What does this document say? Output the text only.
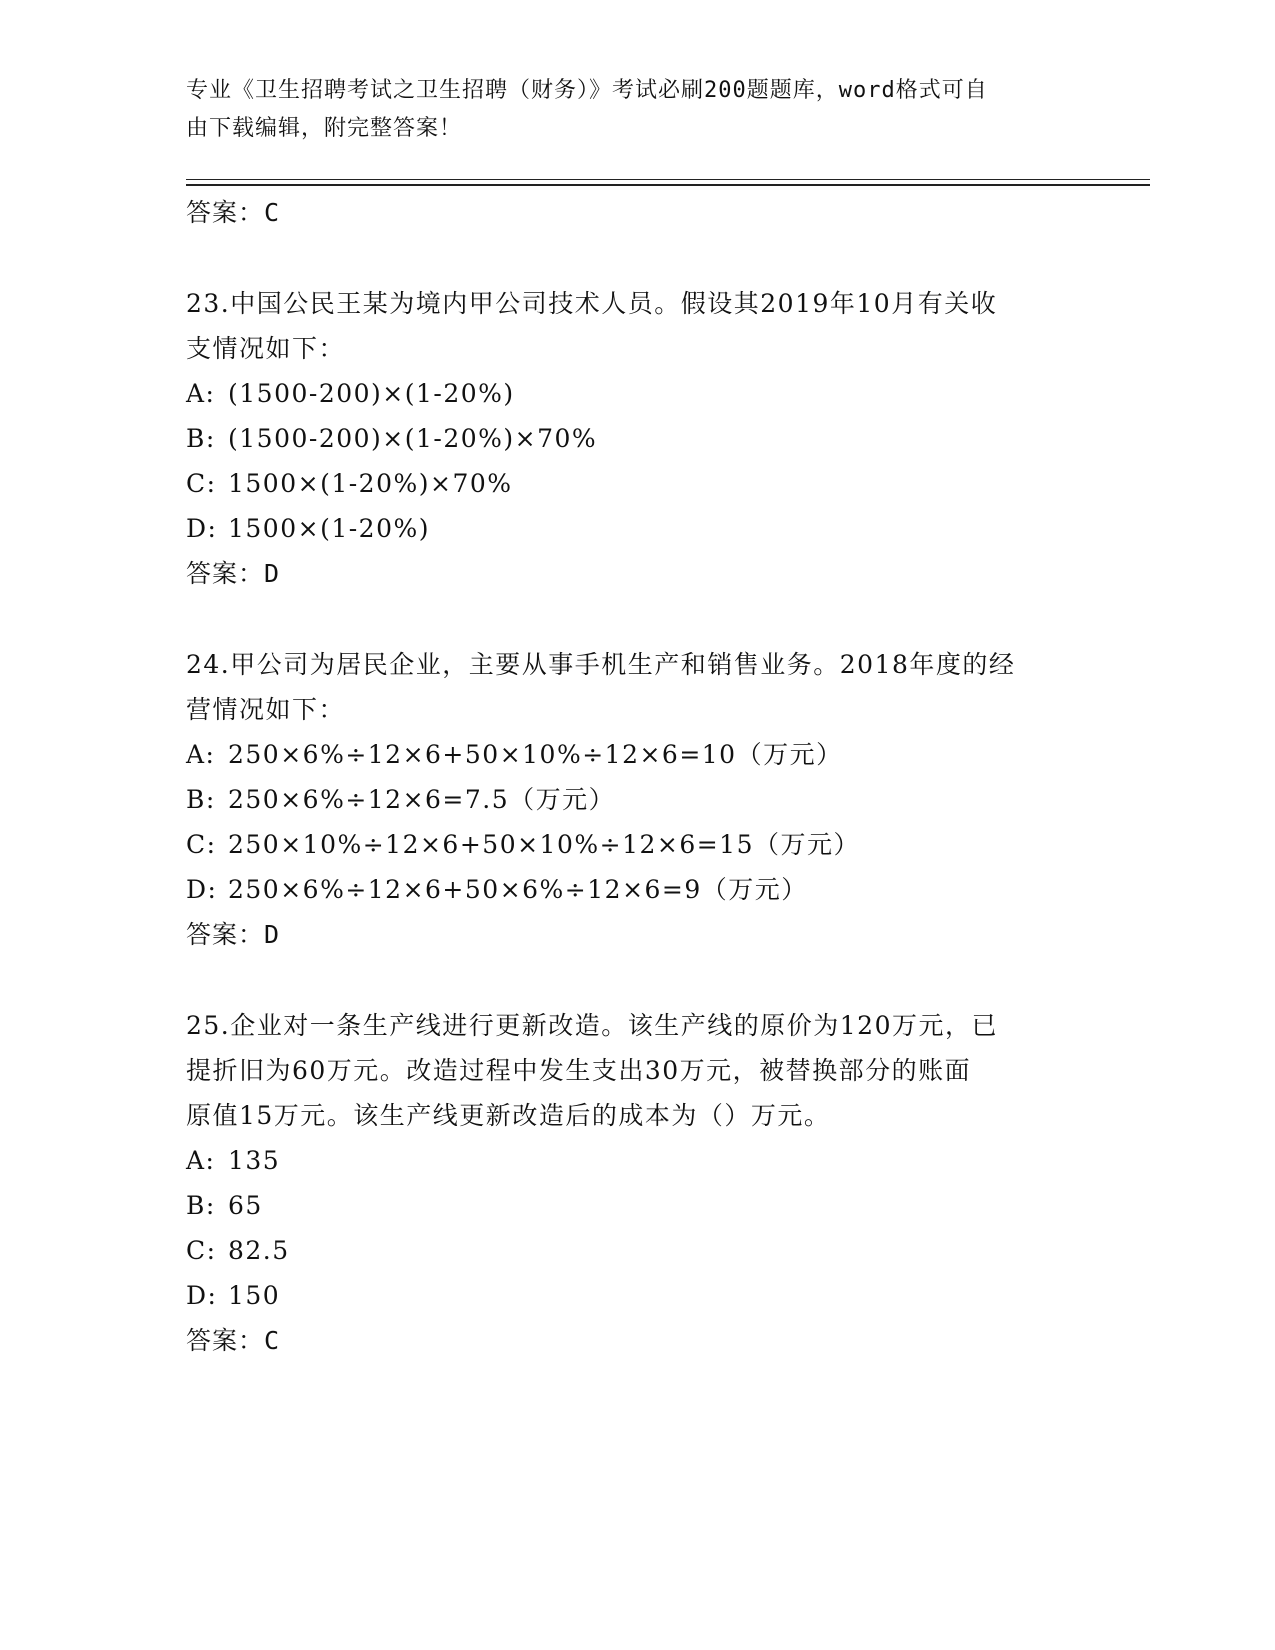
专业《卫生招聘考试之卫生招聘（财务）》考试必刷200题题库，word格式可自
由下载编辑，附完整答案！
答案：C
23.中国公民王某为境内甲公司技术人员。假设其2019年10月有关收
支情况如下：
A: (1500-200)×(1-20%)
B: (1500-200)×(1-20%)×70%
C: 1500×(1-20%)×70%
D: 1500×(1-20%)
答案：D
24.甲公司为居民企业，主要从事手机生产和销售业务。2018年度的经
营情况如下：
A: 250×6%÷12×6+50×10%÷12×6=10（万元）
B: 250×6%÷12×6=7.5（万元）
C: 250×10%÷12×6+50×10%÷12×6=15（万元）
D: 250×6%÷12×6+50×6%÷12×6=9（万元）
答案：D
25.企业对一条生产线进行更新改造。该生产线的原价为120万元，已
提折旧为60万元。改造过程中发生支出30万元，被替换部分的账面
原值15万元。该生产线更新改造后的成本为（）万元。
A: 135
B: 65
C: 82.5
D: 150
答案：C
